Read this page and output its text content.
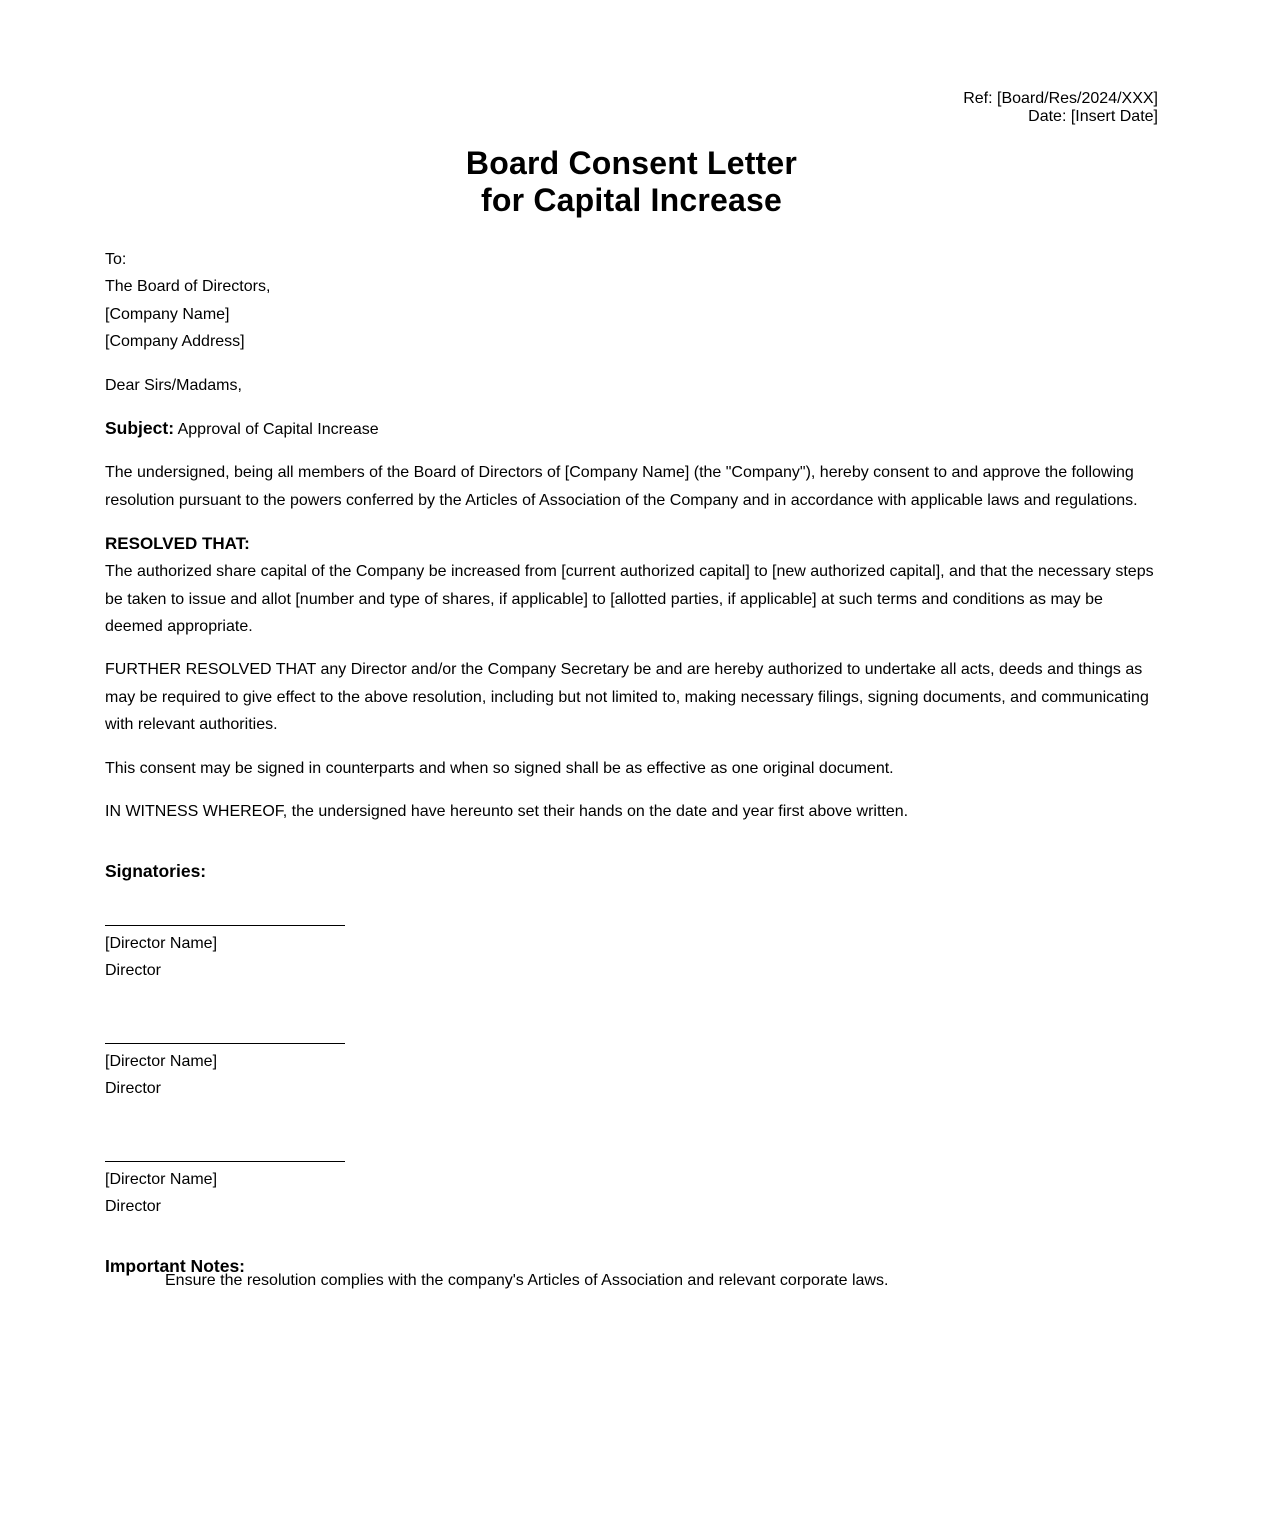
Ref: [Board/Res/2024/XXX]
Date: [Insert Date]
Board Consent Letter
for Capital Increase
To:
The Board of Directors,
[Company Name]
[Company Address]
Dear Sirs/Madams,
Subject: Approval of Capital Increase
The undersigned, being all members of the Board of Directors of [Company Name] (the "Company"), hereby consent to and approve the following resolution pursuant to the powers conferred by the Articles of Association of the Company and in accordance with applicable laws and regulations.
RESOLVED THAT:
The authorized share capital of the Company be increased from [current authorized capital] to [new authorized capital], and that the necessary steps be taken to issue and allot [number and type of shares, if applicable] to [allotted parties, if applicable] at such terms and conditions as may be deemed appropriate.
FURTHER RESOLVED THAT any Director and/or the Company Secretary be and are hereby authorized to undertake all acts, deeds and things as may be required to give effect to the above resolution, including but not limited to, making necessary filings, signing documents, and communicating with relevant authorities.
This consent may be signed in counterparts and when so signed shall be as effective as one original document.
IN WITNESS WHEREOF, the undersigned have hereunto set their hands on the date and year first above written.
Signatories:
[Director Name]
Director
[Director Name]
Director
[Director Name]
Director
Important Notes:
Ensure the resolution complies with the company's Articles of Association and relevant corporate laws.
